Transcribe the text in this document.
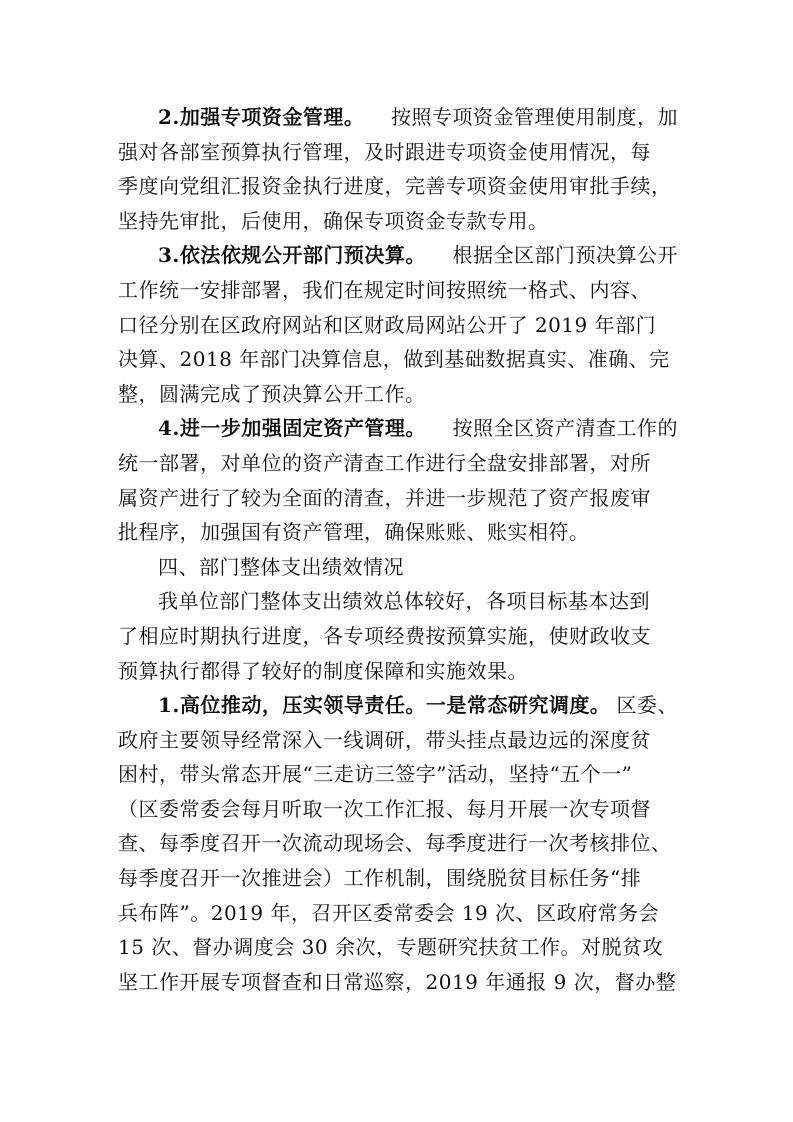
2.加强专项资金管理。 按照专项资金管理使用制度，加
强对各部室预算执行管理，及时跟进专项资金使用情况，每
季度向党组汇报资金执行进度，完善专项资金使用审批手续，
坚持先审批，后使用，确保专项资金专款专用。
3.依法依规公开部门预决算。 根据全区部门预决算公开
工作统一安排部署，我们在规定时间按照统一格式、内容、
口径分别在区政府网站和区财政局网站公开了 2019 年部门
决算、2018 年部门决算信息，做到基础数据真实、准确、完
整，圆满完成了预决算公开工作。
4.进一步加强固定资产管理。 按照全区资产清查工作的
统一部署，对单位的资产清查工作进行全盘安排部署，对所
属资产进行了较为全面的清查，并进一步规范了资产报废审
批程序，加强国有资产管理，确保账账、账实相符。
四、部门整体支出绩效情况
我单位部门整体支出绩效总体较好，各项目标基本达到
了相应时期执行进度，各专项经费按预算实施，使财政收支
预算执行都得了较好的制度保障和实施效果。
1.高位推动，压实领导责任。一是常态研究调度。 区委、
政府主要领导经常深入一线调研，带头挂点最边远的深度贫
困村，带头常态开展“三走访三签字”活动，坚持“五个一”
（区委常委会每月听取一次工作汇报、每月开展一次专项督
查、每季度召开一次流动现场会、每季度进行一次考核排位、
每季度召开一次推进会）工作机制，围绕脱贫目标任务“排
兵布阵”。2019 年，召开区委常委会 19 次、区政府常务会
15 次、督办调度会 30 余次，专题研究扶贫工作。对脱贫攻
坚工作开展专项督查和日常巡察，2019 年通报 9 次，督办整
